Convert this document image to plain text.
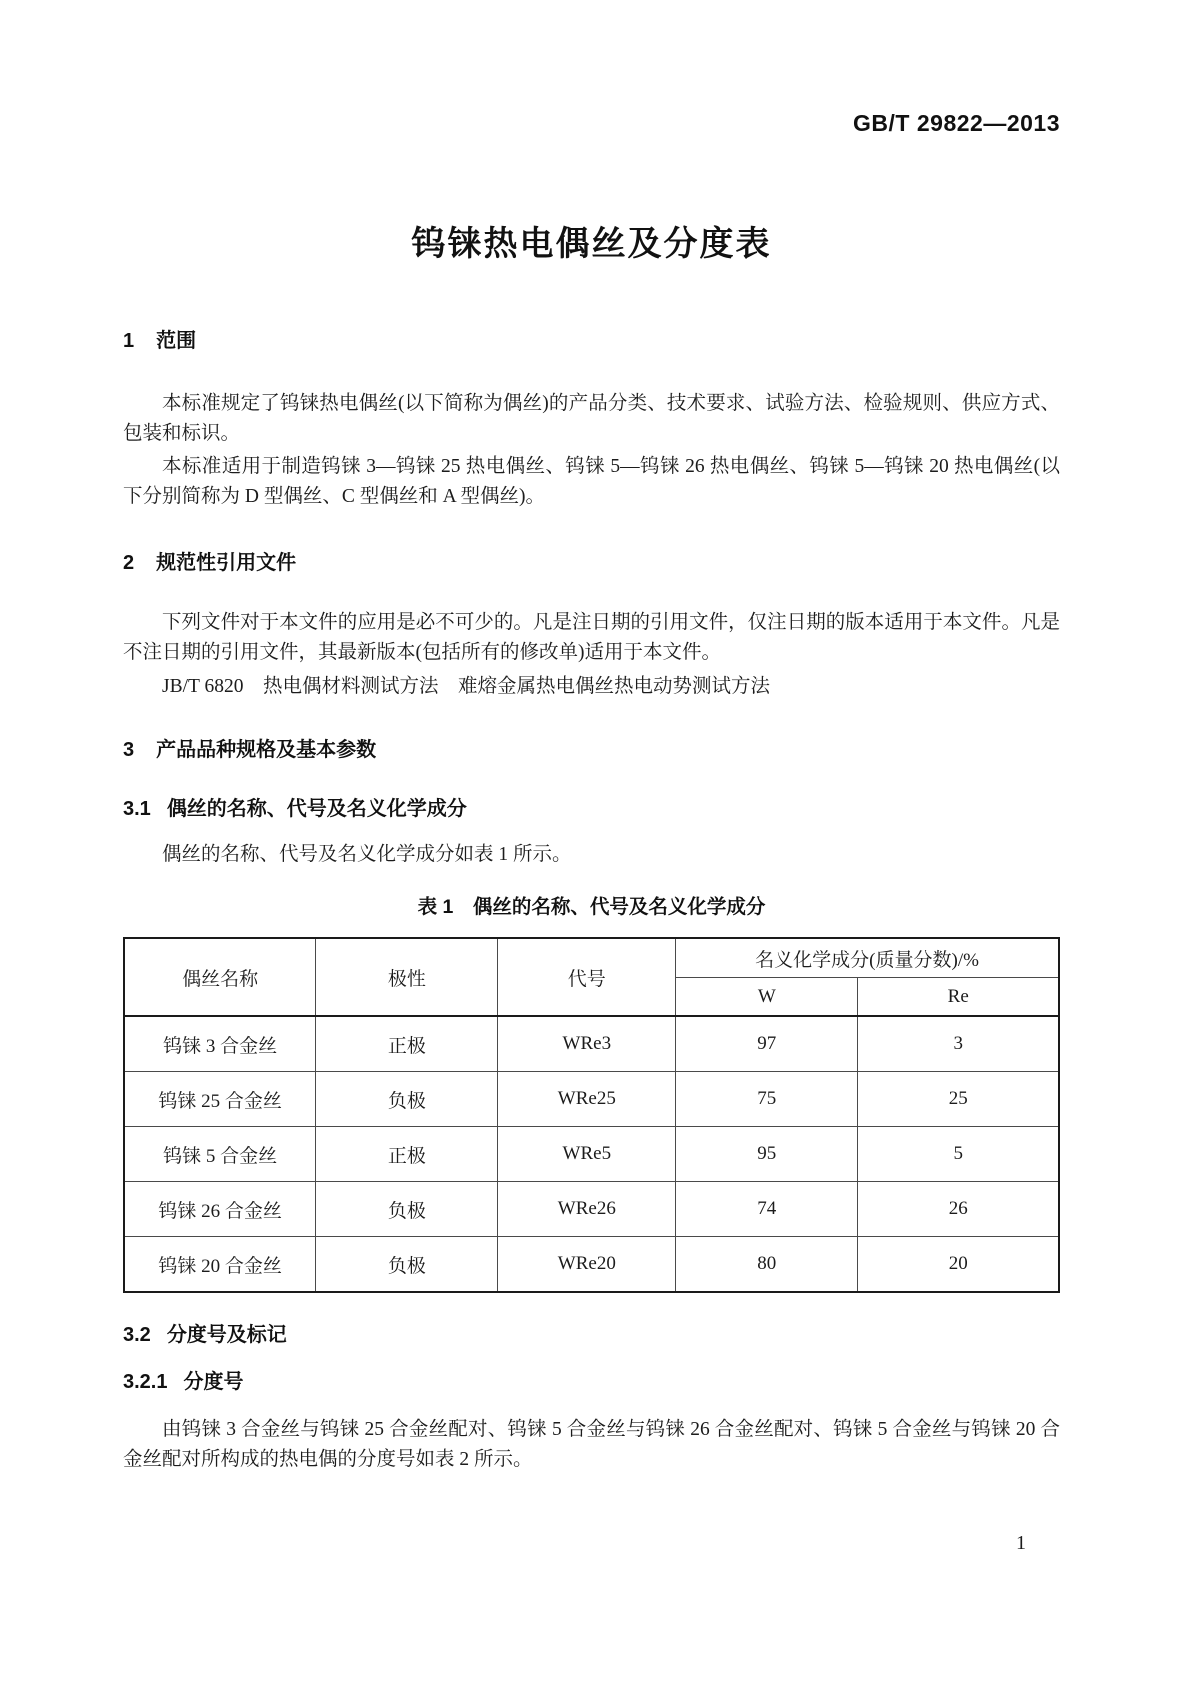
GB/T 29822—2013
钨铼热电偶丝及分度表
1 范围
本标准规定了钨铼热电偶丝(以下简称为偶丝)的产品分类、技术要求、试验方法、检验规则、供应方式、包装和标识。
本标准适用于制造钨铼 3—钨铼 25 热电偶丝、钨铼 5—钨铼 26 热电偶丝、钨铼 5—钨铼 20 热电偶丝(以下分别简称为 D 型偶丝、C 型偶丝和 A 型偶丝)。
2 规范性引用文件
下列文件对于本文件的应用是必不可少的。凡是注日期的引用文件，仅注日期的版本适用于本文件。凡是不注日期的引用文件，其最新版本(包括所有的修改单)适用于本文件。
JB/T 6820　热电偶材料测试方法　难熔金属热电偶丝热电动势测试方法
3 产品品种规格及基本参数
3.1 偶丝的名称、代号及名义化学成分
偶丝的名称、代号及名义化学成分如表 1 所示。
表 1　偶丝的名称、代号及名义化学成分
偶丝名称	极性	代号	名义化学成分(质量分数)/%	
			W	Re
钨铼 3 合金丝	正极	WRe3	97	3
钨铼 25 合金丝	负极	WRe25	75	25
钨铼 5 合金丝	正极	WRe5	95	5
钨铼 26 合金丝	负极	WRe26	74	26
钨铼 20 合金丝	负极	WRe20	80	20
3.2 分度号及标记
3.2.1 分度号
由钨铼 3 合金丝与钨铼 25 合金丝配对、钨铼 5 合金丝与钨铼 26 合金丝配对、钨铼 5 合金丝与钨铼 20 合金丝配对所构成的热电偶的分度号如表 2 所示。
1
